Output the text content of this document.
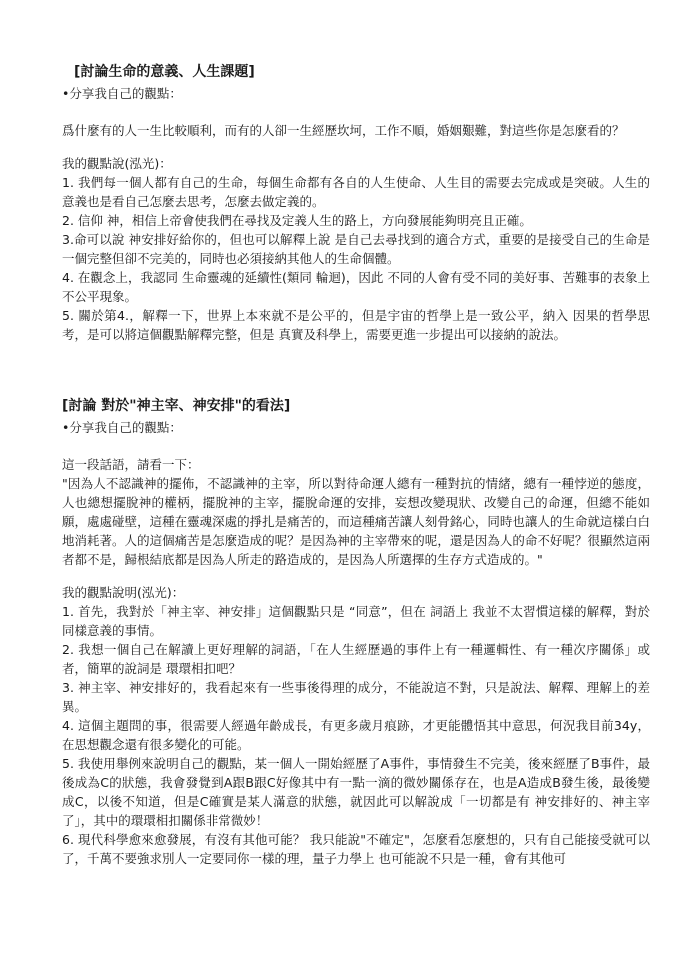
[討論生命的意義、人生課題]
•分享我自己的觀點：
爲什麼有的人一生比較順利，而有的人卻一生經歷坎坷，工作不順，婚姻艱難，對這些你是怎麼看的？
我的觀點說(泓光)：
1. 我們每一個人都有自己的生命，每個生命都有各自的人生使命、人生目的需要去完成或是突破。人生的意義也是看自己怎麼去思考，怎麼去做定義的。
2. 信仰 神，相信上帝會使我們在尋找及定義人生的路上，方向發展能夠明亮且正確。
3.命可以說 神安排好給你的，但也可以解釋上說 是自己去尋找到的適合方式，重要的是接受自己的生命是一個完整但卻不完美的，同時也必須接納其他人的生命個體。
4. 在觀念上，我認同 生命靈魂的延續性(類同 輪迴)，因此 不同的人會有受不同的美好事、苦難事的表象上不公平現象。
5. 關於第4.，解釋一下，世界上本來就不是公平的，但是宇宙的哲學上是一致公平，納入 因果的哲學思考，是可以將這個觀點解釋完整，但是 真實及科學上，需要更進一步提出可以接納的說法。
[討論 對於"神主宰、神安排"的看法]
•分享我自己的觀點：
這一段話語，請看一下：
"因為人不認識神的擺佈，不認識神的主宰，所以對待命運人總有一種對抗的情緒，總有一種悖逆的態度，人也總想擺脫神的權柄，擺脫神的主宰，擺脫命運的安排，妄想改變現狀、改變自己的命運，但總不能如願，處處碰壁，這種在靈魂深處的掙扎是痛苦的，而這種痛苦讓人刻骨銘心，同時也讓人的生命就這樣白白地消耗著。人的這個痛苦是怎麼造成的呢？是因為神的主宰帶來的呢，還是因為人的命不好呢？很顯然這兩者都不是，歸根結底都是因為人所走的路造成的，是因為人所選擇的生存方式造成的。"
我的觀點說明(泓光)：
1. 首先，我對於「神主宰、神安排」這個觀點只是 “同意”，但在 詞語上 我並不太習慣這樣的解釋，對於同樣意義的事情。
2. 我想一個自己在解讀上更好理解的詞語，「在人生經歷過的事件上有一種邏輯性、有一種次序關係」或者，簡單的說詞是 環環相扣吧？
3. 神主宰、神安排好的，我看起來有一些事後得理的成分，不能說這不對，只是說法、解釋、理解上的差異。
4. 這個主題問的事，很需要人經過年齡成長，有更多歲月痕跡，才更能體悟其中意思，何況我目前34y，在思想觀念還有很多變化的可能。
5. 我使用舉例來說明自己的觀點，某一個人一開始經歷了A事件，事情發生不完美，後來經歷了B事件，最後成為C的狀態，我會發覺到A跟B跟C好像其中有一點一滴的微妙關係存在，也是A造成B發生後，最後變成C，以後不知道，但是C確實是某人滿意的狀態，就因此可以解說成「一切都是有 神安排好的、神主宰了」，其中的環環相扣關係非常微妙！
6. 現代科學愈來愈發展，有沒有其他可能？ 我只能說"不確定"，怎麼看怎麼想的，只有自己能接受就可以了，千萬不要強求別人一定要同你一樣的理，量子力學上 也可能說不只是一種，會有其他可
